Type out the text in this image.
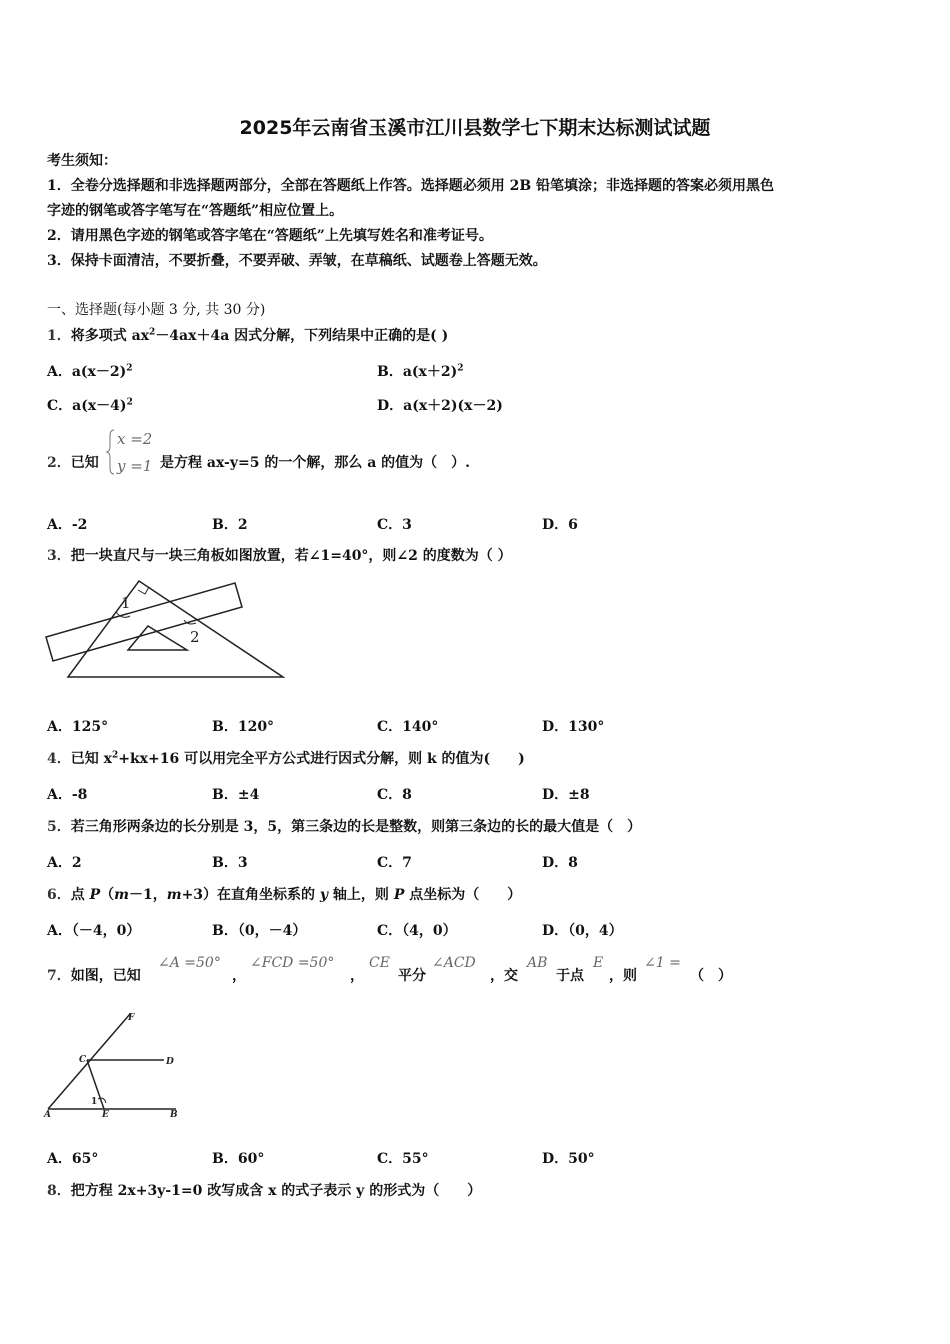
2025年云南省玉溪市江川县数学七下期末达标测试试题
考生须知：
1．全卷分选择题和非选择题两部分，全部在答题纸上作答。选择题必须用 2B 铅笔填涂；非选择题的答案必须用黑色
字迹的钢笔或答字笔写在“答题纸”相应位置上。
2．请用黑色字迹的钢笔或答字笔在“答题纸”上先填写姓名和准考证号。
3．保持卡面清洁，不要折叠，不要弄破、弄皱，在草稿纸、试题卷上答题无效。
一、选择题(每小题 3 分, 共 30 分)
1．将多项式 $ax^2-4ax+4a$ 因式分解，下列结果中正确的是( )
A．$a(x-2)^2$	B．$a(x+2)^2$
C．$a(x-4)^2$	D．a(x＋2)(x－2)
2．已知
x =2
y =1 是方程 ax-y=5 的一个解，那么 a 的值为（　）.
A．-2	B．2	C．3	D．6
3．把一块直尺与一块三角板如图放置，若∠1=40°，则∠2 的度数为（ ）
1
2
A．125°	B．120°	C．140°	D．130°
4．已知 $x^2+kx+16$ 可以用完全平方公式进行因式分解，则 k 的值为(　　)
A．-8	B．±4	C．8	D．±8
5．若三角形两条边的长分别是 3，5，第三条边的长是整数，则第三条边的长的最大值是（　）
A．2	B．3	C．7	D．8
6．点 P（m－1，m+3）在直角坐标系的 y 轴上，则 P 点坐标为（　　）
A．（－4，0）	B．（0，－4）	C．（4，0）	D．（0，4）
7．如图，已知
∠A =50°
，
∠FCD =50°
，
CE
平分
∠ACD
，交
AB
于点
E
，则
∠1 =
（　）
F
C	D
A	E	B
1
A．65°	B．60°	C．55°	D．50°
8．把方程 2x+3y-1=0 改写成含 x 的式子表示 y 的形式为（　　）
